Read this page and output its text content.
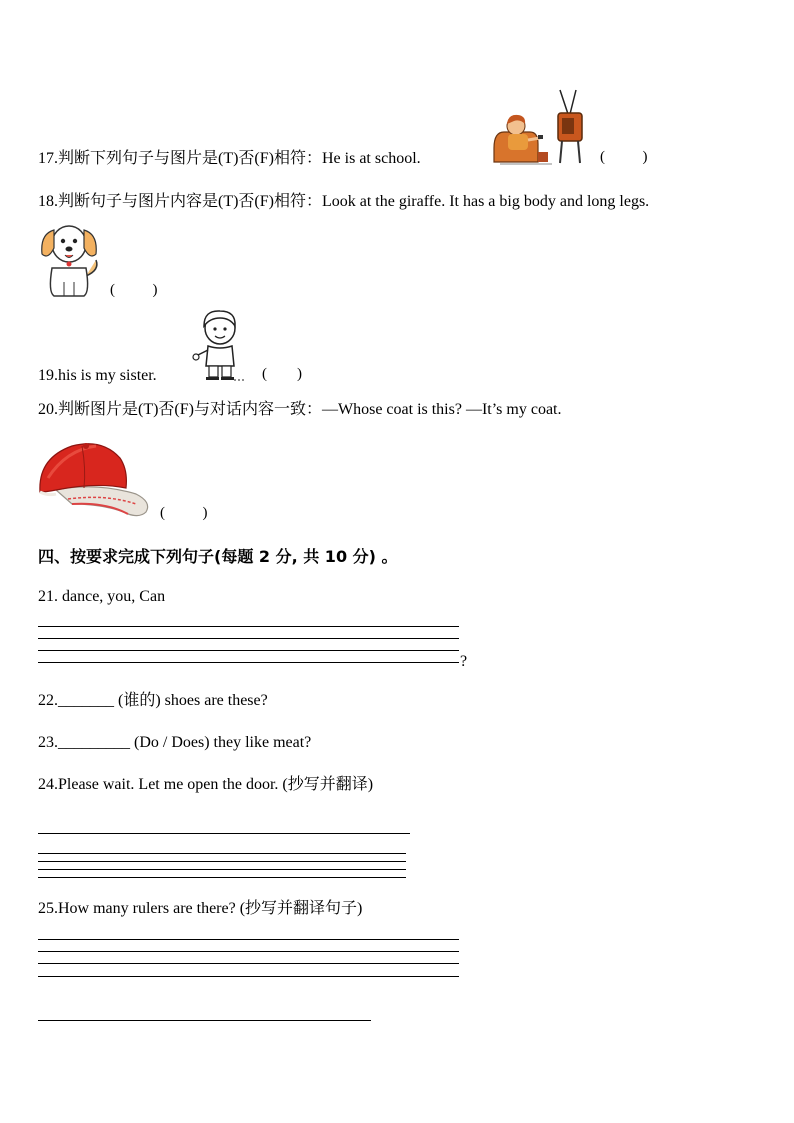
17.判断下列句子与图片是(T)否(F)相符：He is at school.	(          )
18.判断句子与图片内容是(T)否(F)相符：Look at the giraffe. It has a big body and long legs.
(          )
19.his is my sister.	(        )
20.判断图片是(T)否(F)与对话内容一致：—Whose coat is this? —It’s my coat.
(          )
四、按要求完成下列句子(每题 2 分, 共 10 分) 。
21. dance, you, Can
?
22._______ (谁的) shoes are these?
23._________ (Do / Does) they like meat?
24.Please wait. Let me open the door. (抄写并翻译)
25.How many rulers are there? (抄写并翻译句子)
